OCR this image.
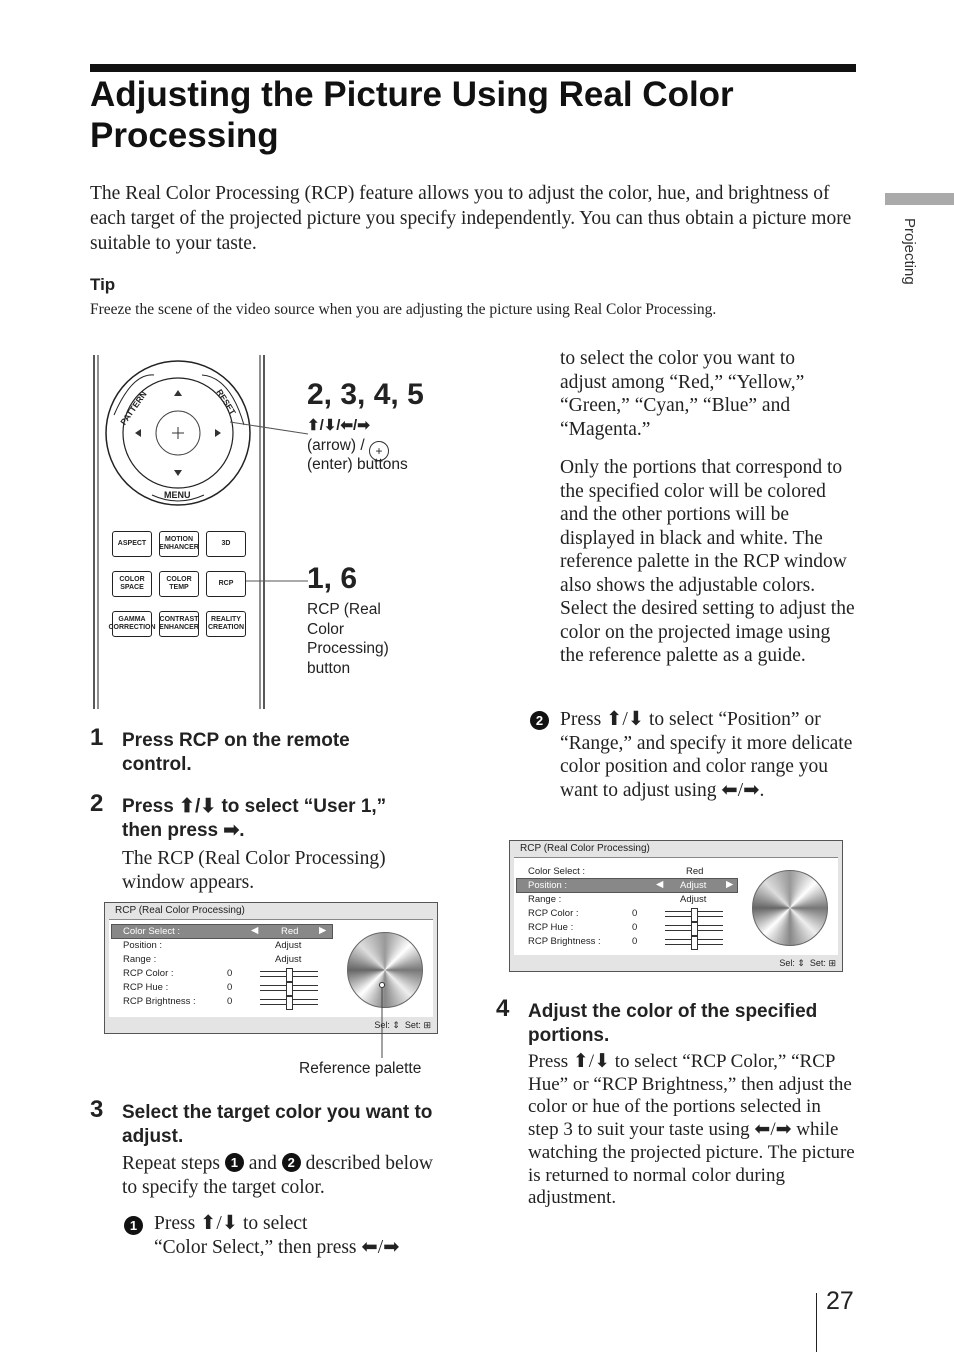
Adjusting the Picture Using Real Color Processing
The Real Color Processing (RCP) feature allows you to adjust the color, hue, and brightness of each target of the projected picture you specify independently. You can thus obtain a picture more suitable to your taste.
Tip
Freeze the scene of the video source when you are adjusting the picture using Real Color Processing.
Projecting
27
PATTERN	RESET
MENU
ASPECT
MOTION ENHANCER
3D
COLOR SPACE
COLOR TEMP
RCP
GAMMA CORRECTION
CONTRAST ENHANCER
REALITY CREATION
2, 3, 4, 5
⬆/⬇/⬅/➡
(arrow) / +
(enter) buttons
1, 6
RCP (Real
Color
Processing)
button
1 Press RCP on the remote control.
2 Press ⬆/⬇ to select “User 1,”
then press ➡.
The RCP (Real Color Processing) window appears.
RCP (Real Color Processing)
Color Select :	◀ Red ▶
Position :	Adjust
Range :	Adjust
RCP Color :	0
RCP Hue :	0
RCP Brightness :	0
Sel: ⇕ Set: ⊞
Reference palette
3 Select the target color you want to adjust.
Repeat steps 1 and 2 described below to specify the target color.
1 Press ⬆/⬇ to select
“Color Select,” then press ⬅/➡
to select the color you want to adjust among “Red,” “Yellow,” “Green,” “Cyan,” “Blue” and “Magenta.”
Only the portions that correspond to the specified color will be colored and the other portions will be displayed in black and white. The reference palette in the RCP window also shows the adjustable colors. Select the desired setting to adjust the color on the projected image using the reference palette as a guide.
2 Press ⬆/⬇ to select “Position” or “Range,” and specify it more delicate color position and color range you want to adjust using ⬅/➡.
RCP (Real Color Processing)
Color Select :	Red
Position :	◀ Adjust ▶
Range :	Adjust
RCP Color :	0
RCP Hue :	0
RCP Brightness :	0
Sel: ⇕ Set: ⊞
4 Adjust the color of the specified portions.
Press ⬆/⬇ to select “RCP Color,” “RCP Hue” or “RCP Brightness,” then adjust the color or hue of the portions selected in step 3 to suit your taste using ⬅/➡ while watching the projected picture. The picture is returned to normal color during adjustment.
